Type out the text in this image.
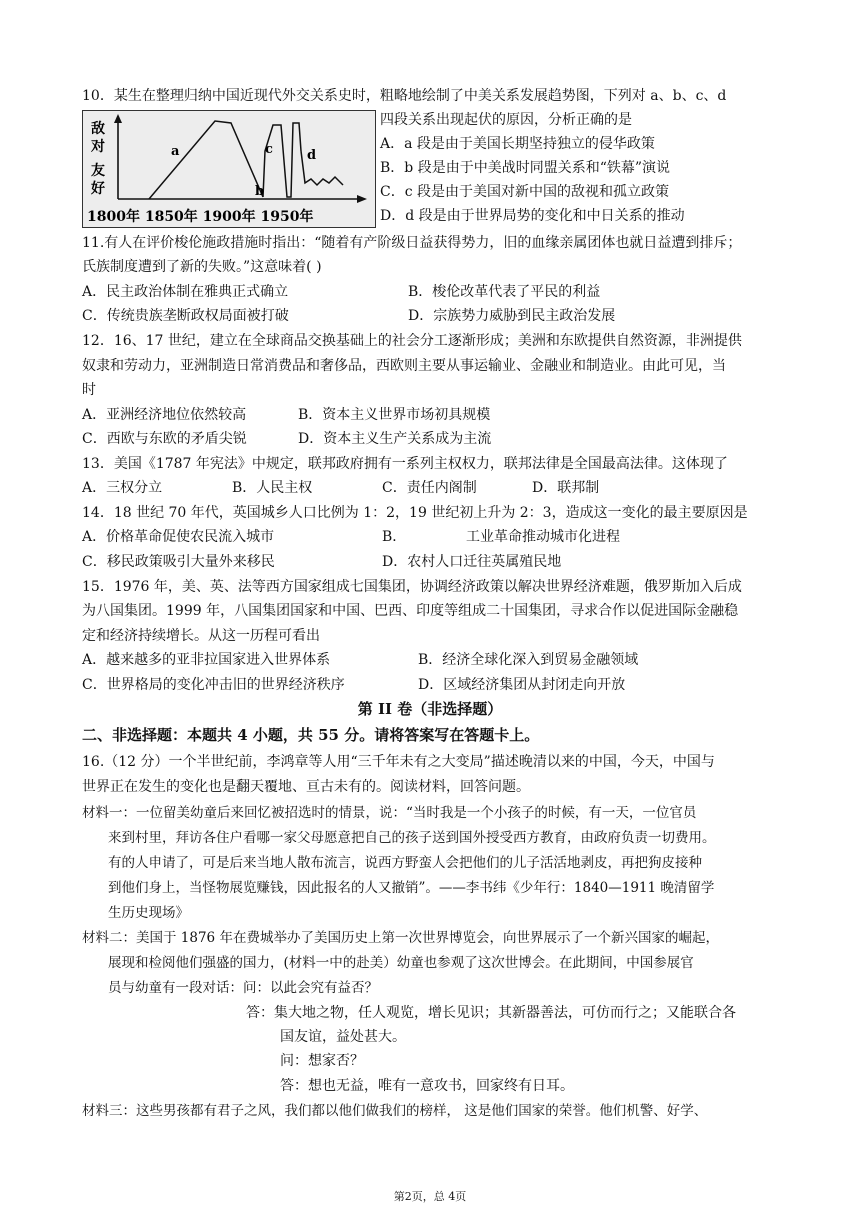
10．某生在整理归纳中国近现代外交关系史时，粗略地绘制了中美关系发展趋势图，下列对 a、b、c、d
敌
对
友
好
a
b
c	d
1800年 1850年 1900年 1950年
四段关系出现起伏的原因，分析正确的是
A．a 段是由于美国长期坚持独立的侵华政策
B．b 段是由于中美战时同盟关系和“铁幕”演说
C．c 段是由于美国对新中国的敌视和孤立政策
D．d 段是由于世界局势的变化和中日关系的推动
11.有人在评价梭伦施政措施时指出：“随着有产阶级日益获得势力，旧的血缘亲属团体也就日益遭到排斥；
氏族制度遭到了新的失败。”这意味着( )
A．民主政治体制在雅典正式确立	B．梭伦改革代表了平民的利益
C．传统贵族垄断政权局面被打破	D．宗族势力威胁到民主政治发展
12．16、17 世纪，建立在全球商品交换基础上的社会分工逐渐形成；美洲和东欧提供自然资源，非洲提供
奴隶和劳动力，亚洲制造日常消费品和奢侈品，西欧则主要从事运输业、金融业和制造业。由此可见，当
时
A．亚洲经济地位依然较高	B．资本主义世界市场初具规模
C．西欧与东欧的矛盾尖锐	D．资本主义生产关系成为主流
13．美国《1787 年宪法》中规定，联邦政府拥有一系列主权权力，联邦法律是全国最高法律。这体现了
A．三权分立	B．人民主权	C．责任内阁制	D．联邦制
14．18 世纪 70 年代，英国城乡人口比例为 1：2，19 世纪初上升为 2：3，造成这一变化的最主要原因是
A．价格革命促使农民流入城市	B．	工业革命推动城市化进程
C．移民政策吸引大量外来移民	D．农村人口迁往英属殖民地
15．1976 年，美、英、法等西方国家组成七国集团，协调经济政策以解决世界经济难题，俄罗斯加入后成
为八国集团。1999 年，八国集团国家和中国、巴西、印度等组成二十国集团，寻求合作以促进国际金融稳
定和经济持续增长。从这一历程可看出
A．越来越多的亚非拉国家进入世界体系	B．经济全球化深入到贸易金融领域
C．世界格局的变化冲击旧的世界经济秩序	D．区域经济集团从封闭走向开放
第 II 卷（非选择题）
二、非选择题：本题共 4 小题，共 55 分。请将答案写在答题卡上。
16.（12 分）一个半世纪前，李鸿章等人用“三千年未有之大变局”描述晚清以来的中国，今天，中国与
世界正在发生的变化也是翻天覆地、亘古未有的。阅读材料，回答问题。
材料一：一位留美幼童后来回忆被招选时的情景，说：“当时我是一个小孩子的时候，有一天，一位官员
来到村里，拜访各住户看哪一家父母愿意把自己的孩子送到国外授受西方教育，由政府负责一切费用。
有的人申请了，可是后来当地人散布流言，说西方野蛮人会把他们的儿子活活地剥皮，再把狗皮接种
到他们身上，当怪物展览赚钱，因此报名的人又撤销”。——李书纬《少年行：1840—1911 晚清留学
生历史现场》
材料二：美国于 1876 年在费城举办了美国历史上第一次世界博览会，向世界展示了一个新兴国家的崛起，
展现和检阅他们强盛的国力，(材料一中的赴美）幼童也参观了这次世博会。在此期间，中国参展官
员与幼童有一段对话：问：以此会究有益否？
答：集大地之物，任人观览，增长见识；其新器善法，可仿而行之；又能联合各
国友谊，益处甚大。
问：想家否？
答：想也无益，唯有一意攻书，回家终有日耳。
材料三：这些男孩都有君子之风，我们都以他们做我们的榜样， 这是他们国家的荣誉。他们机警、好学、
第2页，总 4页
